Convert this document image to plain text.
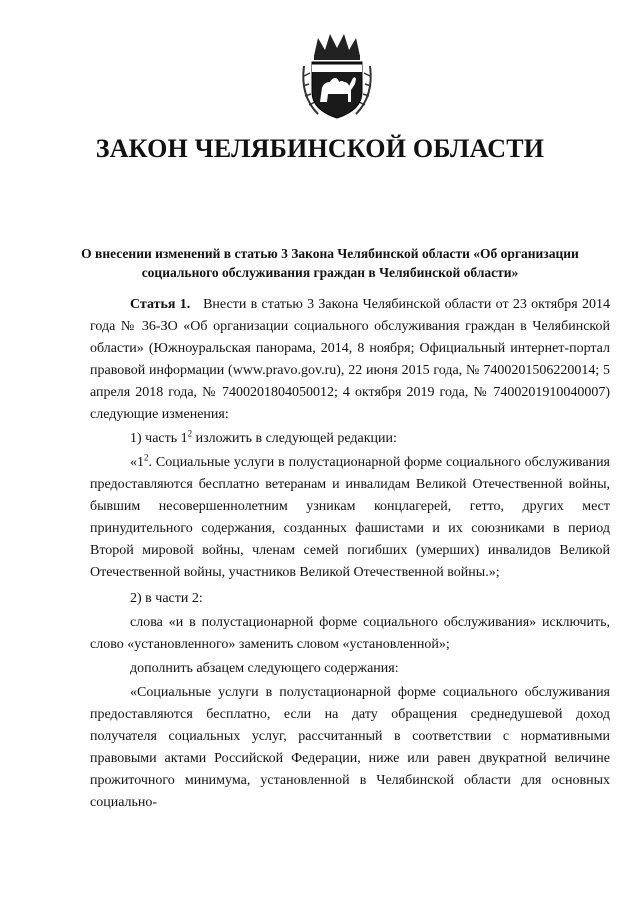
ЗАКОН ЧЕЛЯБИНСКОЙ ОБЛАСТИ

О внесении изменений в статью 3 Закона Челябинской области «Об организации социального обслуживания граждан в Челябинской области»

Статья 1. Внести в статью 3 Закона Челябинской области от 23 октября 2014 года № 36-ЗО «Об организации социального обслуживания граждан в Челябинской области» (Южноуральская панорама, 2014, 8 ноября; Официальный интернет-портал правовой информации (www.pravo.gov.ru), 22 июня 2015 года, № 7400201506220014; 5 апреля 2018 года, № 7400201804050012; 4 октября 2019 года, № 7400201910040007) следующие изменения:

1) часть $1^2$ изложить в следующей редакции:

«$1^2$. Социальные услуги в полустационарной форме социального обслуживания предоставляются бесплатно ветеранам и инвалидам Великой Отечественной войны, бывшим несовершеннолетним узникам концлагерей, гетто, других мест принудительного содержания, созданных фашистами и их союзниками в период Второй мировой войны, членам семей погибших (умерших) инвалидов Великой Отечественной войны, участников Великой Отечественной войны.»;

2) в части 2:

слова «и в полустационарной форме социального обслуживания» исключить, слово «установленного» заменить словом «установленной»;

дополнить абзацем следующего содержания:

«Социальные услуги в полустационарной форме социального обслуживания предоставляются бесплатно, если на дату обращения среднедушевой доход получателя социальных услуг, рассчитанный в соответствии с нормативными правовыми актами Российской Федерации, ниже или равен двукратной величине прожиточного минимума, установленной в Челябинской области для основных социально-
